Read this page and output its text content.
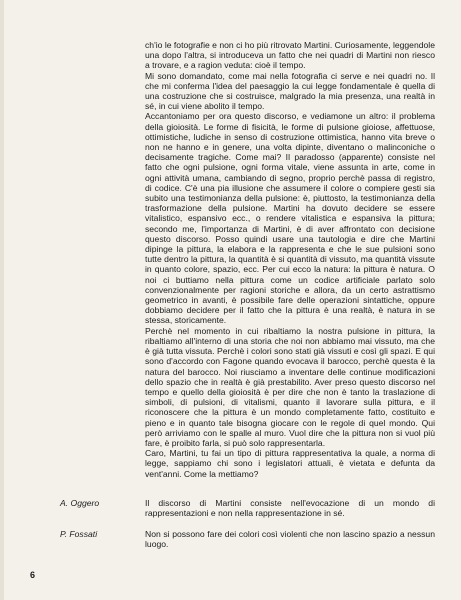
ch'io le fotografie e non ci ho più ritrovato Martini. Curiosamente, leggendole una dopo l'altra, si introduceva un fatto che nei quadri di Martini non riesco a trovare, e a ragion veduta: cioè il tempo.

Mi sono domandato, come mai nella fotografia ci serve e nei quadri no. Il che mi conferma l'idea del paesaggio la cui legge fondamentale è quella di una costruzione che si costruisce, malgrado la mia presenza, una realtà in sé, in cui viene abolito il tempo.

Accantoniamo per ora questo discorso, e vediamone un altro: il problema della gioiosità. Le forme di fisicità, le forme di pulsione gioiose, affettuose, ottimistiche, ludiche in senso di costruzione ottimistica, hanno vita breve o non ne hanno e in genere, una volta dipinte, diventano o malinconiche o decisamente tragiche. Come mai? Il paradosso (apparente) consiste nel fatto che ogni pulsione, ogni forma vitale, viene assunta in arte, come in ogni attività umana, cambiando di segno, proprio perchè passa di registro, di codice. C'è una pia illusione che assumere il colore o compiere gesti sia subito una testimonianza della pulsione: è, piuttosto, la testimonianza della trasformazione della pulsione. Martini ha dovuto decidere se essere vitalistico, espansivo ecc., o rendere vitalistica e espansiva la pittura; secondo me, l'importanza di Martini, è di aver affrontato con decisione questo discorso. Posso quindi usare una tautologia e dire che Martini dipinge la pittura, la elabora e la rappresenta e che le sue pulsioni sono tutte dentro la pittura, la quantità è si quantità di vissuto, ma quantità vissute in quanto colore, spazio, ecc. Per cui ecco la natura: la pittura è natura. O noi ci buttiamo nella pittura come un codice artificiale parlato solo convenzionalmente per ragioni storiche e allora, da un certo astrattismo geometrico in avanti, è possibile fare delle operazioni sintattiche, oppure dobbiamo decidere per il fatto che la pittura è una realtà, è natura in se stessa, storicamente.

Perchè nel momento in cui ribaltiamo la nostra pulsione in pittura, la ribaltiamo all'interno di una storia che noi non abbiamo mai vissuto, ma che è già tutta vissuta. Perchè i colori sono stati già vissuti e così gli spazi. E qui sono d'accordo con Fagone quando evocava il barocco, perchè questa è la natura del barocco. Noi riusciamo a inventare delle continue modificazioni dello spazio che in realtà è già prestabilito. Aver preso questo discorso nel tempo e quello della gioiosità è per dire che non è tanto la traslazione di simboli, di pulsioni, di vitalismi, quanto il lavorare sulla pittura, e il riconoscere che la pittura è un mondo completamente fatto, costituito e pieno e in quanto tale bisogna giocare con le regole di quel mondo. Qui però arriviamo con le spalle al muro. Vuol dire che la pittura non si vuol più fare, è proibito farla, si può solo rappresentarla.

Caro, Martini, tu fai un tipo di pittura rappresentativa la quale, a norma di legge, sappiamo chi sono i legislatori attuali, è vietata e defunta da vent'anni. Come la mettiamo?

A. Oggero	Il discorso di Martini consiste nell'evocazione di un mondo di rappresentazioni e non nella rappresentazione in sé.
P. Fossati	Non si possono fare dei colori così violenti che non lascino spazio a nessun luogo.
6
